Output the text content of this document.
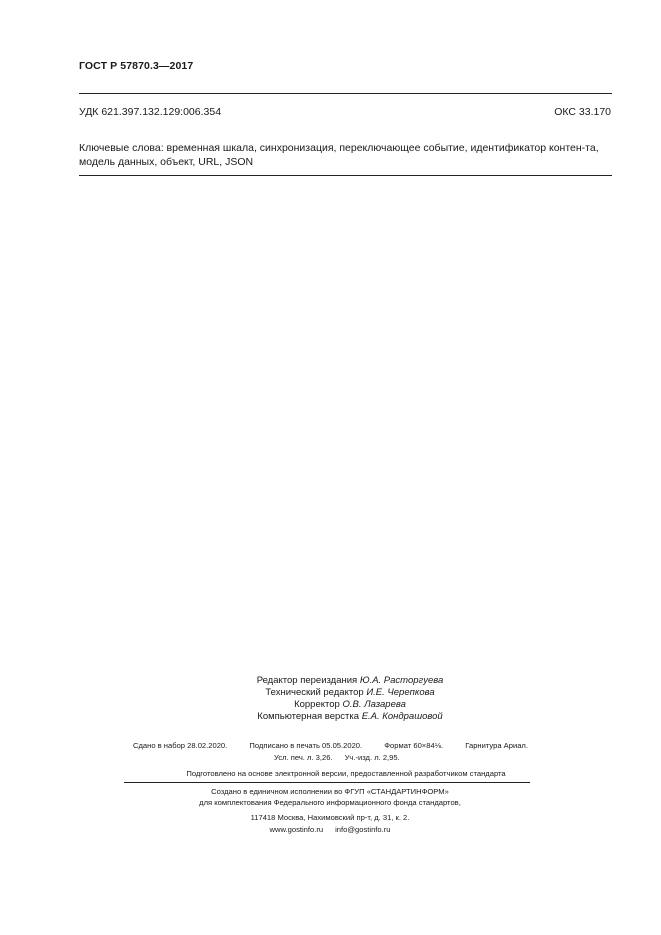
ГОСТ Р 57870.3—2017
УДК 621.397.132.129:006.354	ОКС 33.170
Ключевые слова: временная шкала, синхронизация, переключающее событие, идентификатор контен-та, модель данных, объект, URL, JSON
Редактор переиздания Ю.А. Расторгуева
Технический редактор И.Е. Черепкова
Корректор О.В. Лазарева
Компьютерная верстка Е.А. Кондрашовой
Сдано в набор 28.02.2020.	Подписано в печать 05.05.2020.	Формат 60×84⅛.	Гарнитура Ариал.
Усл. печ. л. 3,26. Уч.-изд. л. 2,95.
Подготовлено на основе электронной версии, предоставленной разработчиком стандарта
Создано в единичном исполнении во ФГУП «СТАНДАРТИНФОРМ»
для комплектования Федерального информационного фонда стандартов,
117418 Москва, Нахимовский пр-т, д. 31, к. 2.
www.gostinfo.ru info@gostinfo.ru
